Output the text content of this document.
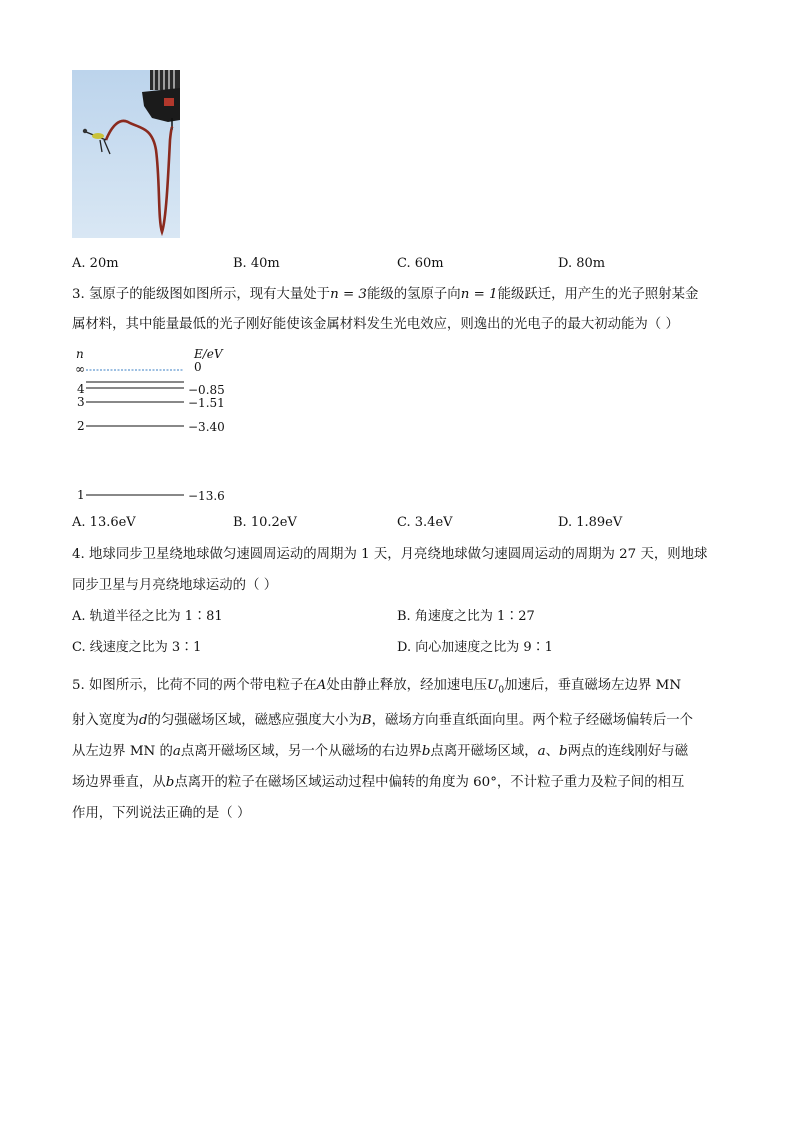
A. 20m	B. 40m	C. 60m	D. 80m
3. 氢原子的能级图如图所示，现有大量处于n = 3能级的氢原子向n = 1能级跃迁，用产生的光子照射某金
属材料，其中能量最低的光子刚好能使该金属材料发生光电效应，则逸出的光电子的最大初动能为（ ）
n	E/eV
∞	0
4	−0.85
3	−1.51
2	−3.40
1	−13.6
A. 13.6eV	B. 10.2eV	C. 3.4eV	D. 1.89eV
4. 地球同步卫星绕地球做匀速圆周运动的周期为 1 天，月亮绕地球做匀速圆周运动的周期为 27 天，则地球
同步卫星与月亮绕地球运动的（ ）
A. 轨道半径之比为 1∶81	B. 角速度之比为 1∶27
C. 线速度之比为 3∶1	D. 向心加速度之比为 9∶1
5. 如图所示，比荷不同的两个带电粒子在A处由静止释放，经加速电压$U_0$加速后，垂直磁场左边界 MN
射入宽度为d的匀强磁场区域，磁感应强度大小为B，磁场方向垂直纸面向里。两个粒子经磁场偏转后一个
从左边界 MN 的a点离开磁场区域，另一个从磁场的右边界b点离开磁场区域，a、b两点的连线刚好与磁
场边界垂直，从b点离开的粒子在磁场区域运动过程中偏转的角度为 60°，不计粒子重力及粒子间的相互
作用，下列说法正确的是（ ）
